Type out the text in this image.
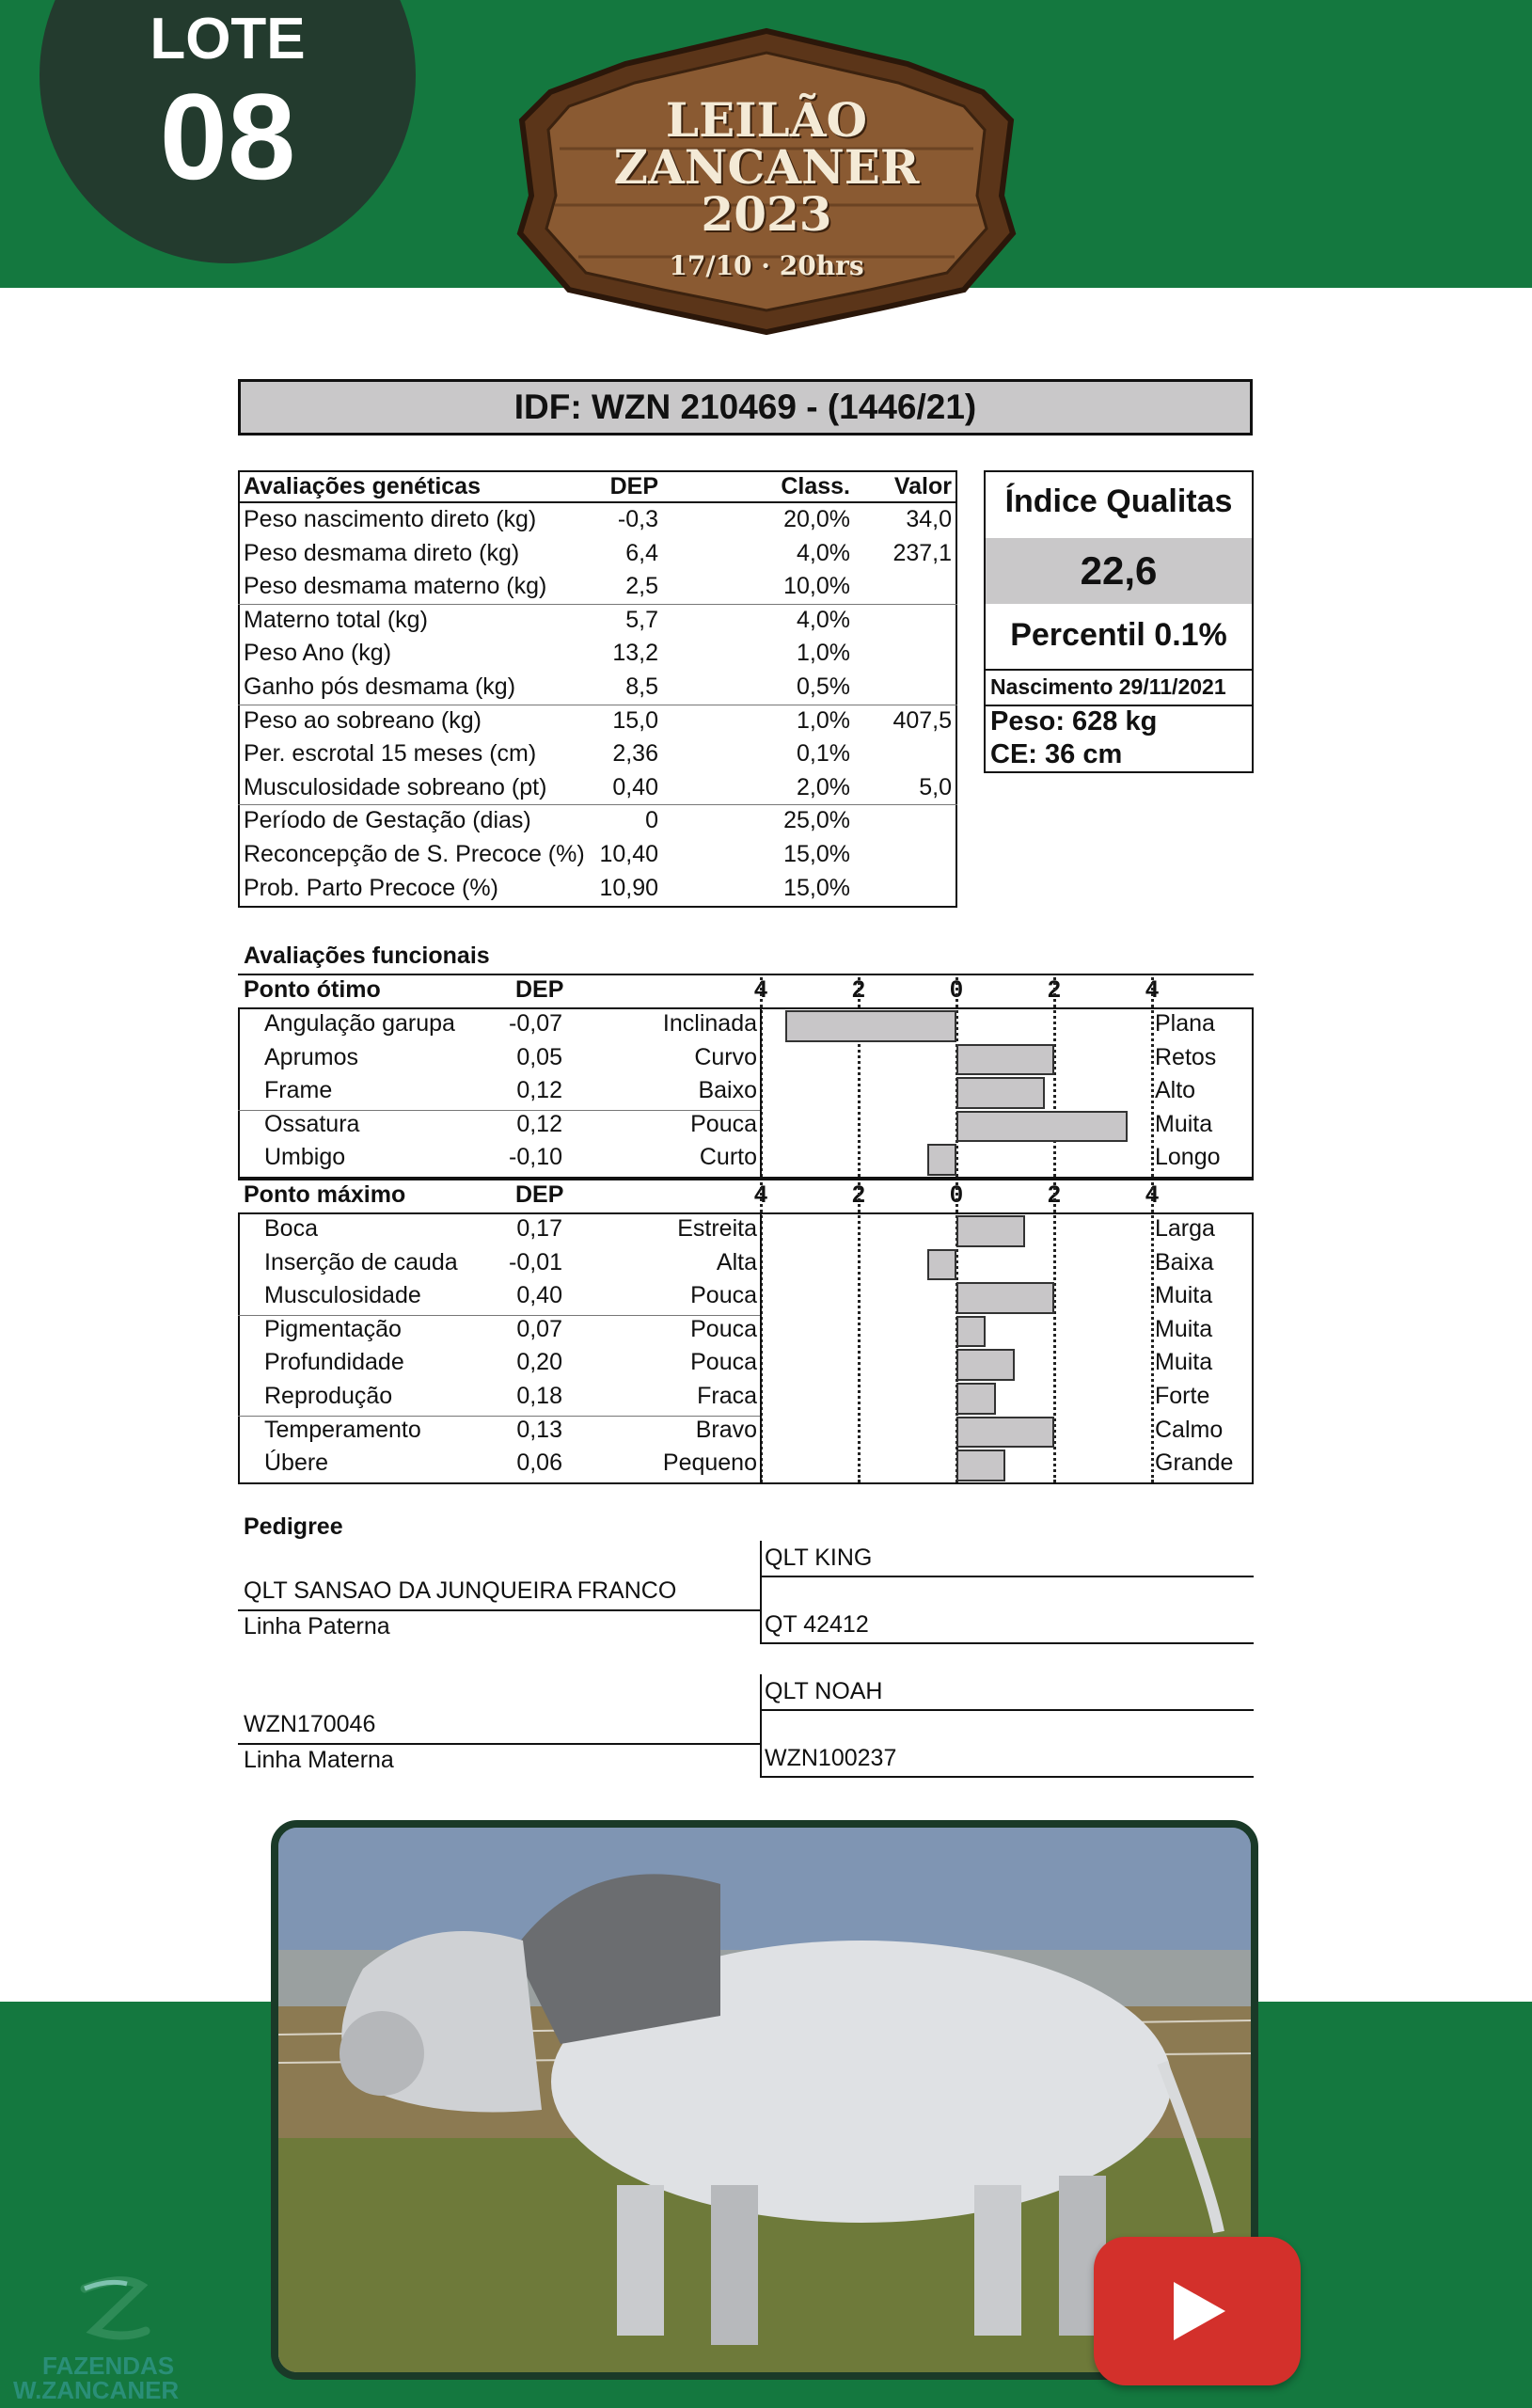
LOTE
08	LEILÃO
ZANCANER
2023
17/10 · 20hrs
IDF: WZN 210469 - (1446/21)
Avaliações genéticas	DEP	Class.	Valor
Peso nascimento direto (kg)	-0,3	20,0%	34,0
Peso desmama direto (kg)	6,4	4,0%	237,1
Peso desmama materno (kg)	2,5	10,0%
Materno total (kg)	5,7	4,0%
Peso Ano (kg)	13,2	1,0%
Ganho pós desmama (kg)	8,5	0,5%
Peso ao sobreano (kg)	15,0	1,0%	407,5
Per. escrotal 15 meses (cm)	2,36	0,1%
Musculosidade sobreano (pt)	0,40	2,0%	5,0
Período de Gestação (dias)	0	25,0%
Reconcepção de S. Precoce (%) 10,40	15,0%
Prob. Parto Precoce (%)	10,90	15,0%
Índice Qualitas
22,6
Percentil 0.1%
Nascimento 29/11/2021
Peso: 628 kg
CE: 36 cm
Avaliações funcionais
Ponto ótimo	DEP	4	2	0	2	4
Angulação garupa	-0,07	Inclinada	Plana
Aprumos	0,05	Curvo	Retos
Frame	0,12	Baixo	Alto
Ossatura	0,12	Pouca	Muita
Umbigo	-0,10	Curto	Longo
Ponto máximo	DEP	4	2	0	2	4
Boca	0,17	Estreita	Larga
Inserção de cauda	-0,01	Alta	Baixa
Musculosidade	0,40	Pouca	Muita
Pigmentação	0,07	Pouca	Muita
Profundidade	0,20	Pouca	Muita
Reprodução	0,18	Fraca	Forte
Temperamento	0,13	Bravo	Calmo
Úbere	0,06	Pequeno	Grande
Pedigree
QLT SANSAO DA JUNQUEIRA FRANCO
Linha Paterna
WZN170046
Linha Materna
QLT KING
QT 42412
QLT NOAH
WZN100237
FAZENDAS
W.ZANCANER
